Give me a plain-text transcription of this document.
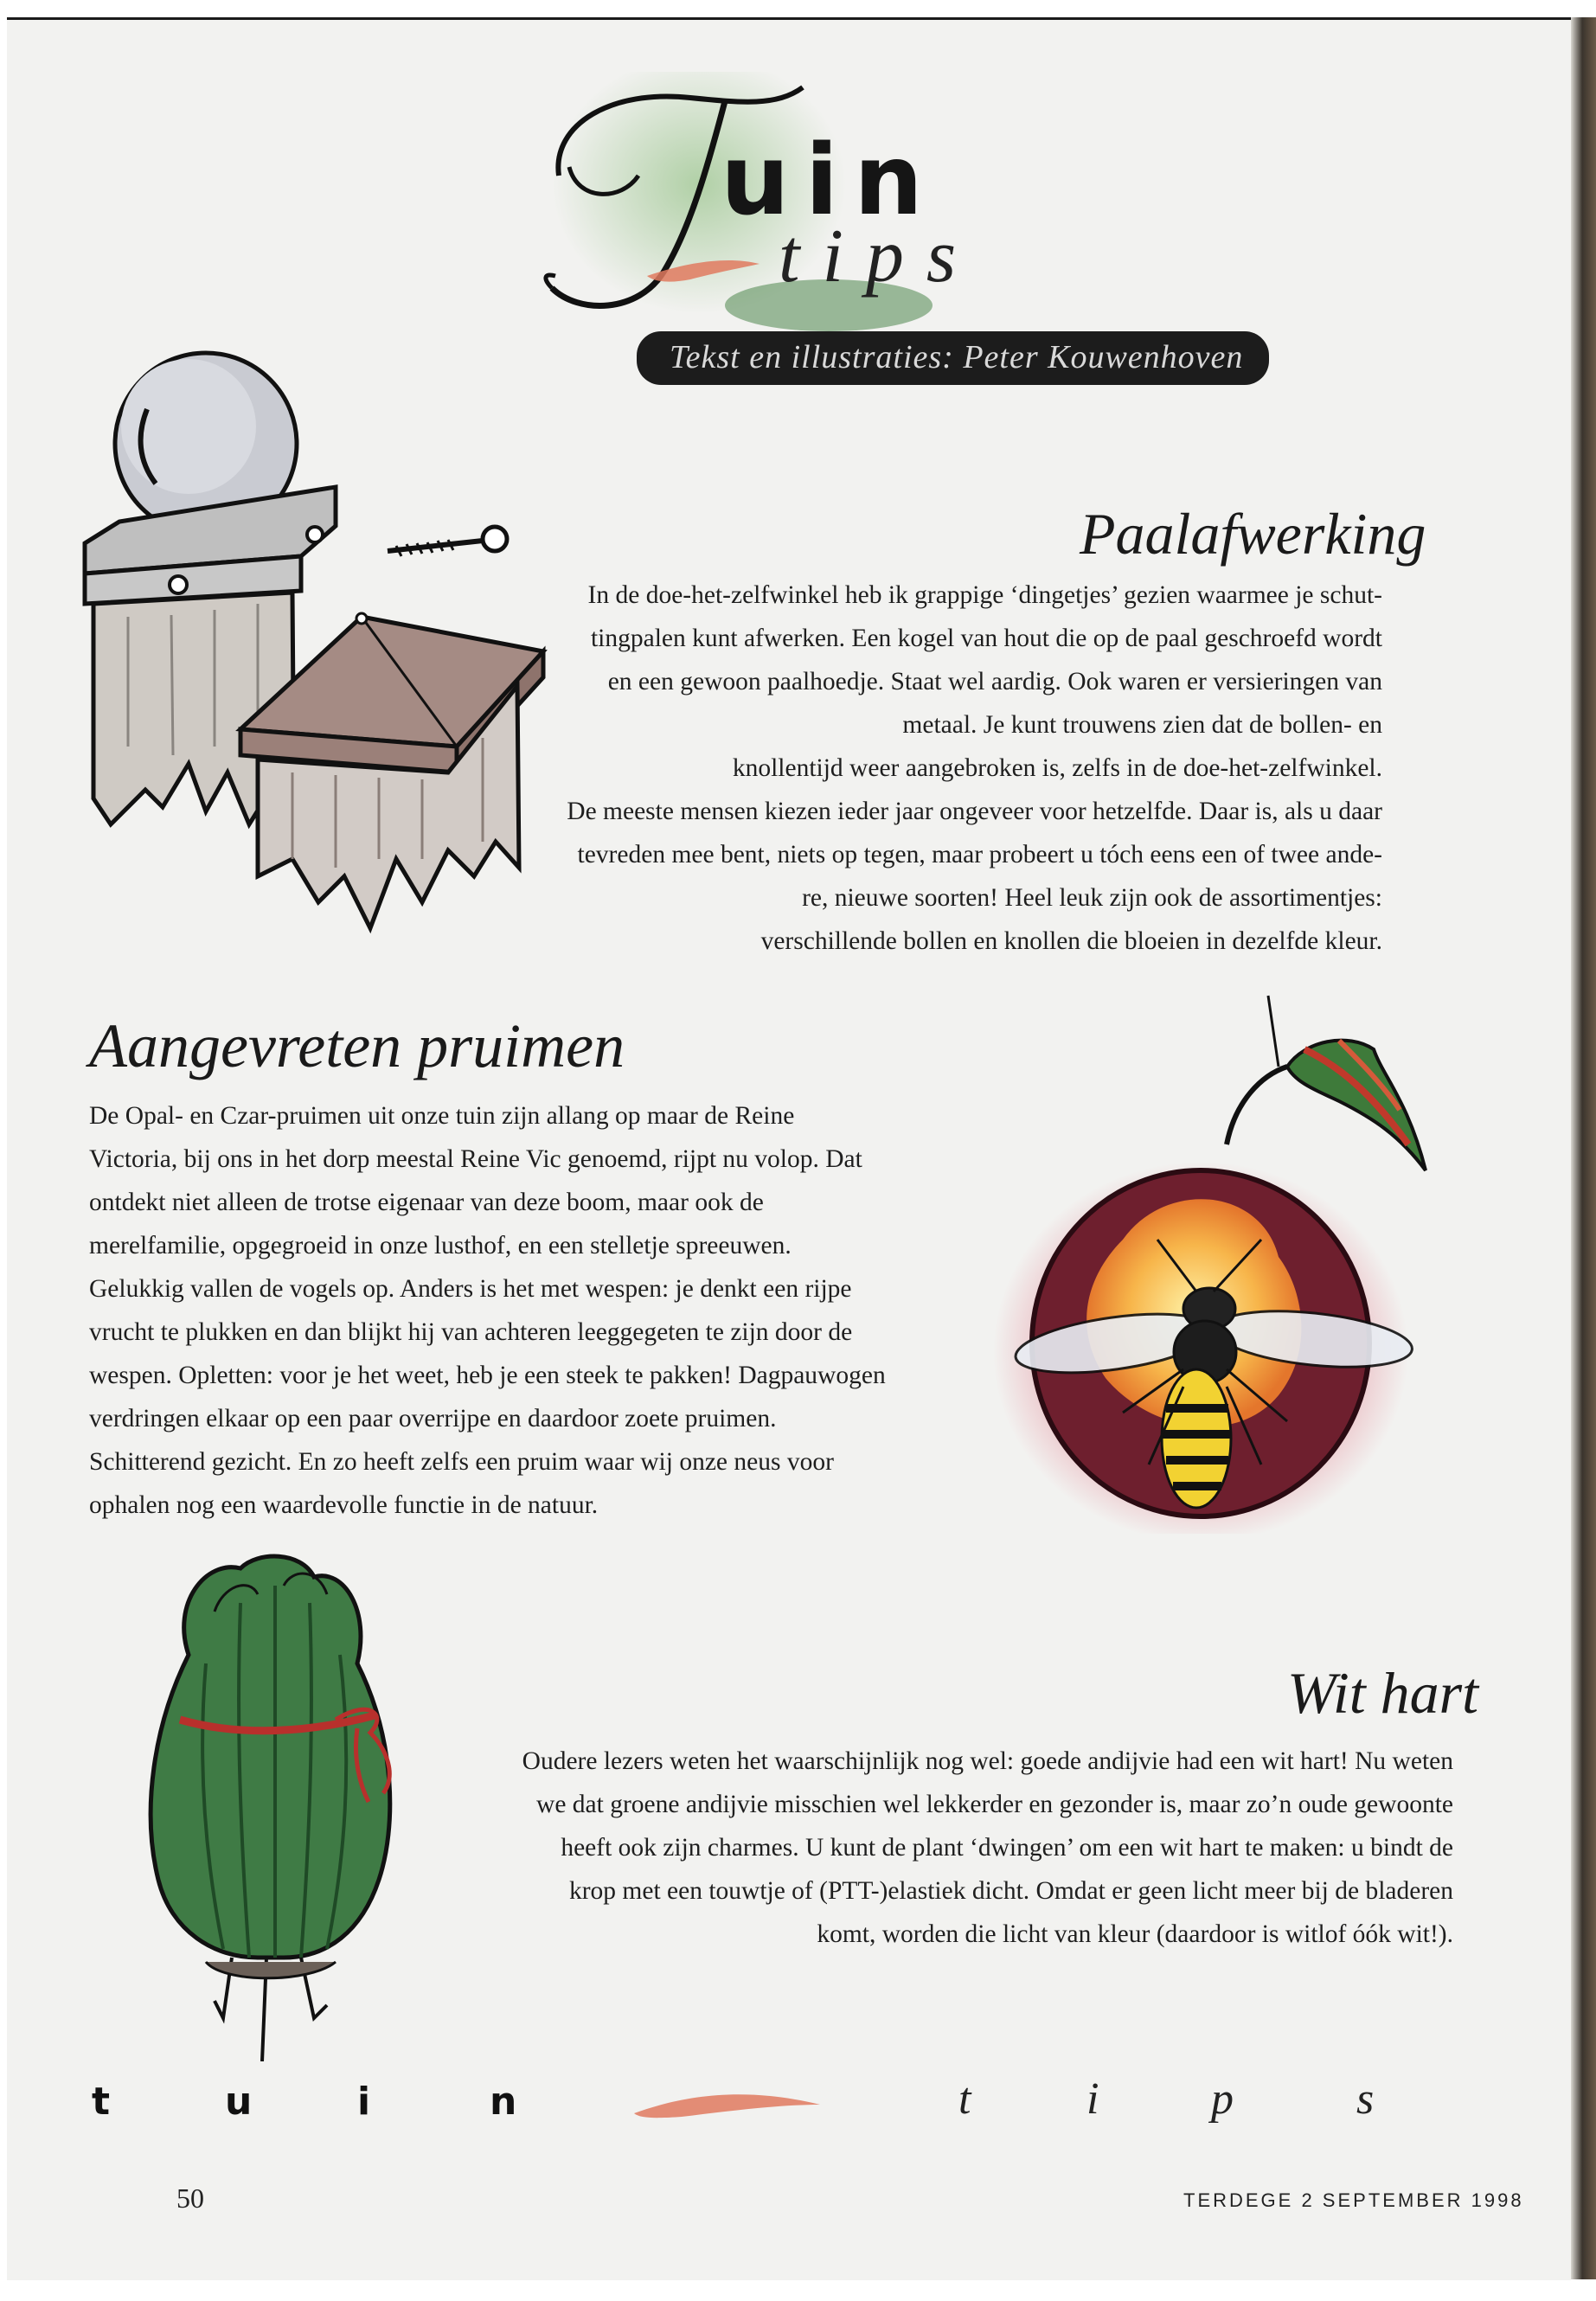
uin
tips
Tekst en illustraties: Peter Kouwenhoven
Paalafwerking

In de doe-het-zelfwinkel heb ik grappige ‘dingetjes’ gezien waarmee je schut-

tingpalen kunt afwerken. Een kogel van hout die op de paal geschroefd wordt

en een gewoon paalhoedje. Staat wel aardig. Ook waren er versieringen van

metaal. Je kunt trouwens zien dat de bollen- en

knollentijd weer aangebroken is, zelfs in de doe-het-zelfwinkel.

De meeste mensen kiezen ieder jaar ongeveer voor hetzelfde. Daar is, als u daar

tevreden mee bent, niets op tegen, maar probeert u tóch eens een of twee ande-

re, nieuwe soorten! Heel leuk zijn ook de assortimentjes:

verschillende bollen en knollen die bloeien in dezelfde kleur.

Aangevreten pruimen

De Opal- en Czar-pruimen uit onze tuin zijn allang op maar de Reine

Victoria, bij ons in het dorp meestal Reine Vic genoemd, rijpt nu volop. Dat

ontdekt niet alleen de trotse eigenaar van deze boom, maar ook de

merelfamilie, opgegroeid in onze lusthof, en een stelletje spreeuwen.

Gelukkig vallen de vogels op. Anders is het met wespen: je denkt een rijpe

vrucht te plukken en dan blijkt hij van achteren leeggegeten te zijn door de

wespen. Opletten: voor je het weet, heb je een steek te pakken! Dagpauwogen

verdringen elkaar op een paar overrijpe en daardoor zoete pruimen.

Schitterend gezicht. En zo heeft zelfs een pruim waar wij onze neus voor

ophalen nog een waardevolle functie in de natuur.

Wit hart

Oudere lezers weten het waarschijnlijk nog wel: goede andijvie had een wit hart! Nu weten

we dat groene andijvie misschien wel lekkerder en gezonder is, maar zo’n oude gewoonte

heeft ook zijn charmes. U kunt de plant ‘dwingen’ om een wit hart te maken: u bindt de

krop met een touwtje of (PTT-)elastiek dicht. Omdat er geen licht meer bij de bladeren

komt, worden die licht van kleur (daardoor is witlof óók wit!).

t	u	i	n	t	i p	s
50	TERDEGE 2 SEPTEMBER 1998
